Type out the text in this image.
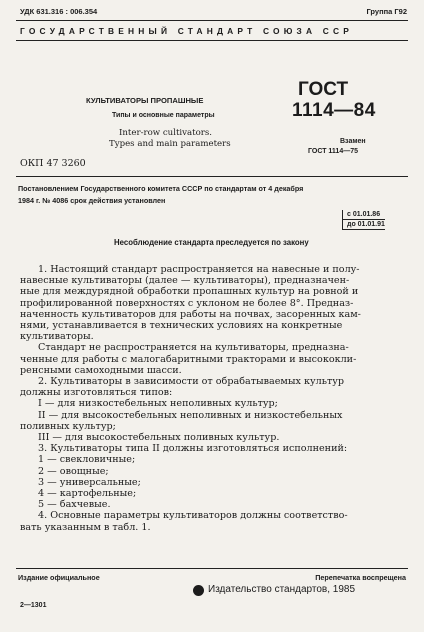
УДК 631.316 : 006.354	Группа Г92
ГОСУДАРСТВЕННЫЙ СТАНДАРТ СОЮЗА ССР
КУЛЬТИВАТОРЫ ПРОПАШНЫЕ
Типы и основные параметры
Inter-row cultivators.
Types and main parameters
ГОСТ
1114—84
Взамен
ГОСТ 1114—75
ОКП 47 3260
Постановлением Государственного комитета СССР по стандартам от 4 декабря
1984 г. № 4086 срок действия установлен
с 01.01.86
до 01.01.91
Несоблюдение стандарта преследуется по закону
1. Настоящий стандарт распространяется на навесные и полу-
навесные культиваторы (далее — культиваторы), предназначен-
ные для междурядной обработки пропашных культур на ровной и
профилированной поверхностях с уклоном не более 8°. Предназ-
наченность культиваторов для работы на почвах, засоренных кам-
нями, устанавливается в технических условиях на конкретные
культиваторы.
Стандарт не распространяется на культиваторы, предназна-
ченные для работы с малогабаритными тракторами и высококли-
ренсными самоходными шасси.
2. Культиваторы в зависимости от обрабатываемых культур
должны изготовляться типов:
I — для низкостебельных неполивных культур;
II — для высокостебельных неполивных и низкостебельных
поливных культур;
III — для высокостебельных поливных культур.
3. Культиваторы типа II должны изготовляться исполнений:
1 — свекловичные;
2 — овощные;
3 — универсальные;
4 — картофельные;
5 — бахчевые.
4. Основные параметры культиваторов должны соответство-
вать указанным в табл. 1.
Издание официальное	Перепечатка воспрещена
Издательство стандартов, 1985
2—1301
